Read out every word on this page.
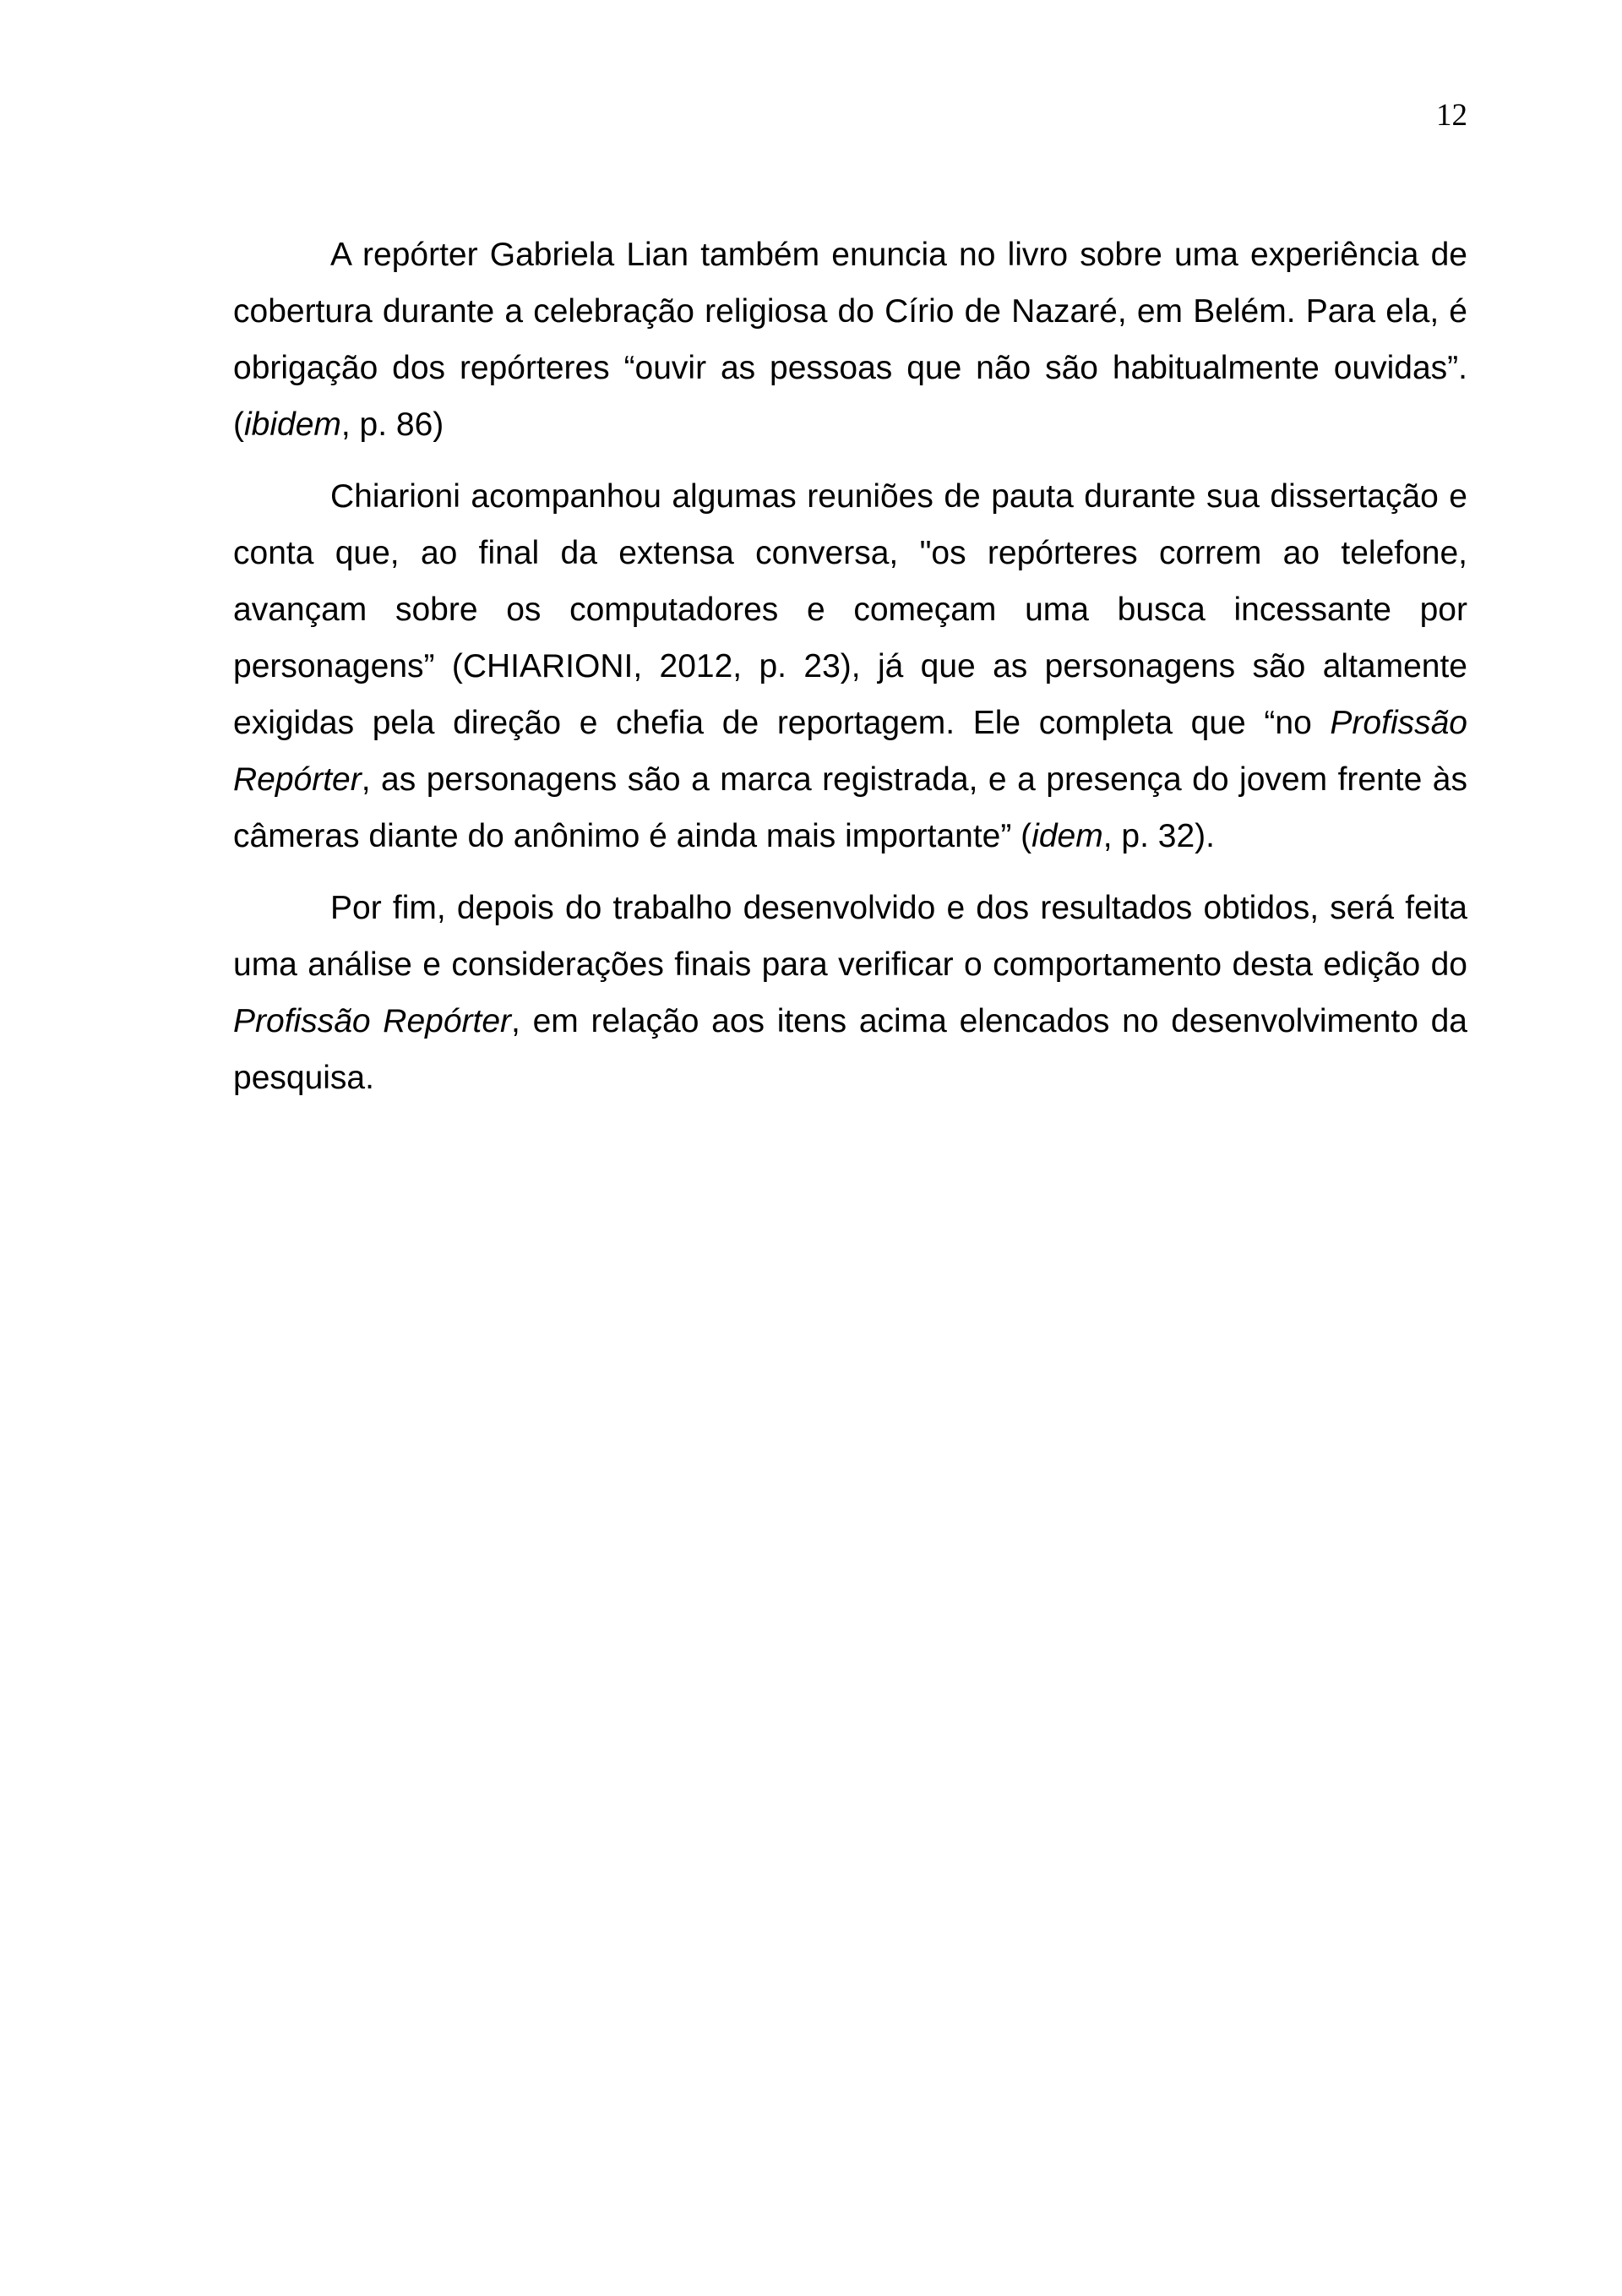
12

A repórter Gabriela Lian também enuncia no livro sobre uma experiência de cobertura durante a celebração religiosa do Círio de Nazaré, em Belém. Para ela, é obrigação dos repórteres “ouvir as pessoas que não são habitualmente ouvidas”. (ibidem, p. 86)

Chiarioni acompanhou algumas reuniões de pauta durante sua dissertação e conta que, ao final da extensa conversa, "os repórteres correm ao telefone, avançam sobre os computadores e começam uma busca incessante por personagens” (CHIARIONI, 2012, p. 23), já que as personagens são altamente exigidas pela direção e chefia de reportagem. Ele completa que “no Profissão Repórter, as personagens são a marca registrada, e a presença do jovem frente às câmeras diante do anônimo é ainda mais importante” (idem, p. 32).

Por fim, depois do trabalho desenvolvido e dos resultados obtidos, será feita uma análise e considerações finais para verificar o comportamento desta edição do Profissão Repórter, em relação aos itens acima elencados no desenvolvimento da pesquisa.
